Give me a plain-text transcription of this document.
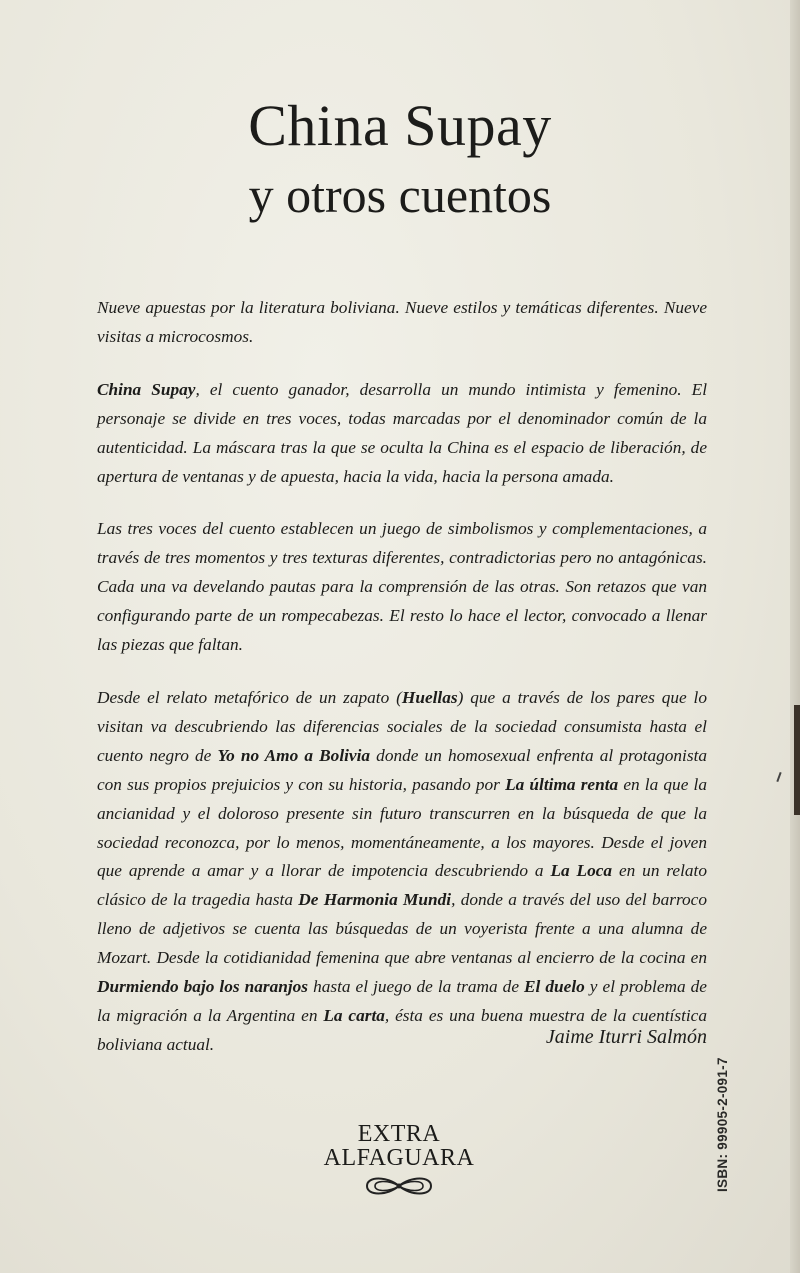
China Supay
y otros cuentos

Nueve apuestas por la literatura boliviana. Nueve estilos y temáticas diferentes. Nueve visitas a microcosmos.

China Supay, el cuento ganador, desarrolla un mundo intimista y femenino. El personaje se divide en tres voces, todas marcadas por el denominador común de la autenticidad. La máscara tras la que se oculta la China es el espacio de liberación, de apertura de ventanas y de apuesta, hacia la vida, hacia la persona amada.

Las tres voces del cuento establecen un juego de simbolismos y complementaciones, a través de tres momentos y tres texturas diferentes, contradictorias pero no antagónicas. Cada una va develando pautas para la comprensión de las otras. Son retazos que van configurando parte de un rompecabezas. El resto lo hace el lector, convocado a llenar las piezas que faltan.

Desde el relato metafórico de un zapato (Huellas) que a través de los pares que lo visitan va descubriendo las diferencias sociales de la sociedad consumista hasta el cuento negro de Yo no Amo a Bolivia donde un homosexual enfrenta al protagonista con sus propios prejuicios y con su historia, pasando por La última renta en la que la ancianidad y el doloroso presente sin futuro transcurren en la búsqueda de que la sociedad reconozca, por lo menos, momentáneamente, a los mayores. Desde el joven que aprende a amar y a llorar de impotencia descubriendo a La Loca en un relato clásico de la tragedia hasta De Harmonia Mundi, donde a través del uso del barroco lleno de adjetivos se cuenta las búsquedas de un voyerista frente a una alumna de Mozart. Desde la cotidianidad femenina que abre ventanas al encierro de la cocina en Durmiendo bajo los naranjos hasta el juego de la trama de El duelo y el problema de la migración a la Argentina en La carta, ésta es una buena muestra de la cuentística boliviana actual.	Jaime Iturri Salmón
EXTRA
ALFAGUARA	ISBN: 99905-2-091-7
